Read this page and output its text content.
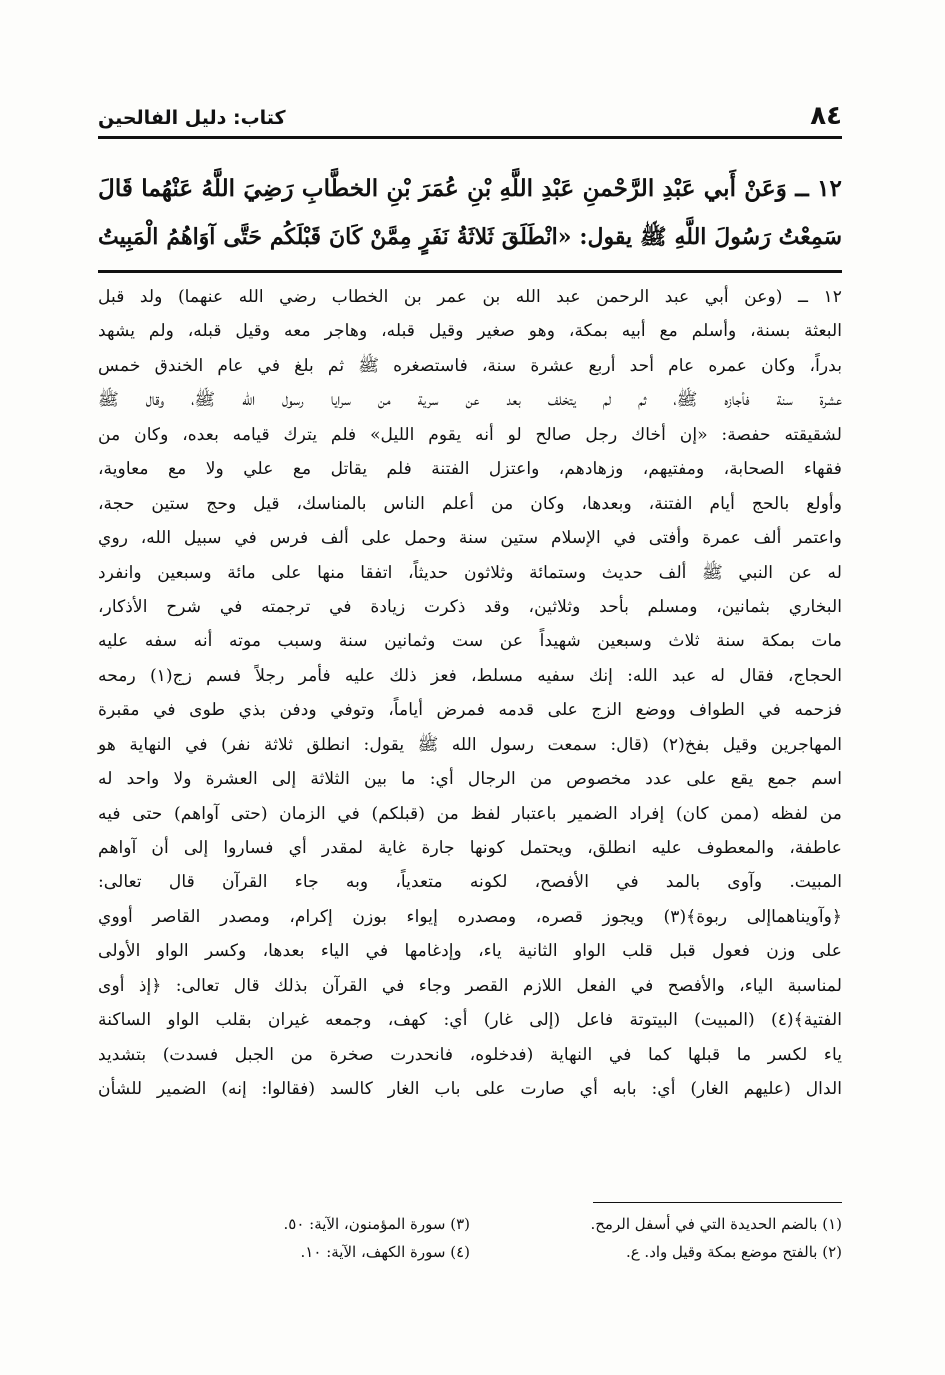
٨٤
كتاب: دليل الفالحين
١٢ ــ وَعَنْ أَبي عَبْدِ الرَّحْمنِ عَبْدِ اللَّهِ بْنِ عُمَرَ بْنِ الخطَّابِ رَضِيَ اللَّهُ عَنْهُما قَالَ
سَمِعْتُ رَسُولَ اللَّهِ ﷺ يقول: «انْطَلَقَ ثَلاثَةُ نَفَرٍ مِمَّنْ كَانَ قَبْلَكُم حَتَّى آوَاهُمُ الْمَبِيتُ
١٢ ــ (وعن أبي عبد الرحمن عبد الله بن عمر بن الخطاب رضي الله عنهما) ولد قبل
البعثة بسنة، وأسلم مع أبيه بمكة، وهو صغير وقيل قبله، وهاجر معه وقيل قبله، ولم يشهد
بدراً، وكان عمره عام أحد أربع عشرة سنة، فاستصغره ﷺ ثم بلغ في عام الخندق خمس
عشرة سنة فأجازه ﷺ، ثم لم يتخلف بعد عن سرية من سرايا رسول الله ﷺ، وقال ﷺ
لشقيقته حفصة: «إن أخاك رجل صالح لو أنه يقوم الليل» فلم يترك قيامه بعده، وكان من
فقهاء الصحابة، ومفتيهم، وزهادهم، واعتزل الفتنة فلم يقاتل مع علي ولا مع معاوية،
وأولع بالحج أيام الفتنة، وبعدها، وكان من أعلم الناس بالمناسك، قيل وحج ستين حجة،
واعتمر ألف عمرة وأفتى في الإسلام ستين سنة وحمل على ألف فرس في سبيل الله، روي
له عن النبي ﷺ ألف حديث وستمائة وثلاثون حديثاً، اتفقا منها على مائة وسبعين وانفرد
البخاري بثمانين، ومسلم بأحد وثلاثين، وقد ذكرت زيادة في ترجمته في شرح الأذكار،
مات بمكة سنة ثلاث وسبعين شهيداً عن ست وثمانين سنة وسبب موته أنه سفه عليه
الحجاج، فقال له عبد الله: إنك سفيه مسلط، فعز ذلك عليه فأمر رجلاً فسم زج(١) رمحه
فزحمه في الطواف ووضع الزج على قدمه فمرض أياماً، وتوفي ودفن بذي طوى في مقبرة
المهاجرين وقيل بفخ(٢) (قال: سمعت رسول الله ﷺ يقول: انطلق ثلاثة نفر) في النهاية هو
اسم جمع يقع على عدد مخصوص من الرجال أي: ما بين الثلاثة إلى العشرة ولا واحد له
من لفظه (ممن كان) إفراد الضمير باعتبار لفظ من (قبلكم) في الزمان (حتى آواهم) حتى فيه
عاطفة، والمعطوف عليه انطلق، ويحتمل كونها جارة غاية لمقدر أي فساروا إلى أن آواهم
المبيت. وآوى بالمد في الأفصح، لكونه متعدياً، وبه جاء القرآن قال تعالى:
﴿وآويناهماإلى ربوة﴾(٣) ويجوز قصره، ومصدره إيواء بوزن إكرام، ومصدر القاصر أووي
على وزن فعول قبل قلب الواو الثانية ياء، وإدغامها في الياء بعدها، وكسر الواو الأولى
لمناسبة الياء، والأفصح في الفعل اللازم القصر وجاء في القرآن بذلك قال تعالى: ﴿إذ أوى
الفتية﴾(٤) (المبيت) البيتوتة فاعل (إلى غار) أي: كهف، وجمعه غيران بقلب الواو الساكنة
ياء لكسر ما قبلها كما في النهاية (فدخلوه، فانحدرت صخرة من الجبل فسدت) بتشديد
الدال (عليهم الغار) أي: بابه أي صارت على باب الغار كالسد (فقالوا: إنه) الضمير للشأن
(١) بالضم الحديدة التي في أسفل الرمح.
(٣) سورة المؤمنون، الآية: ٥٠.
(٢) بالفتح موضع بمكة وقيل واد. ع.
(٤) سورة الكهف، الآية: ١٠.
